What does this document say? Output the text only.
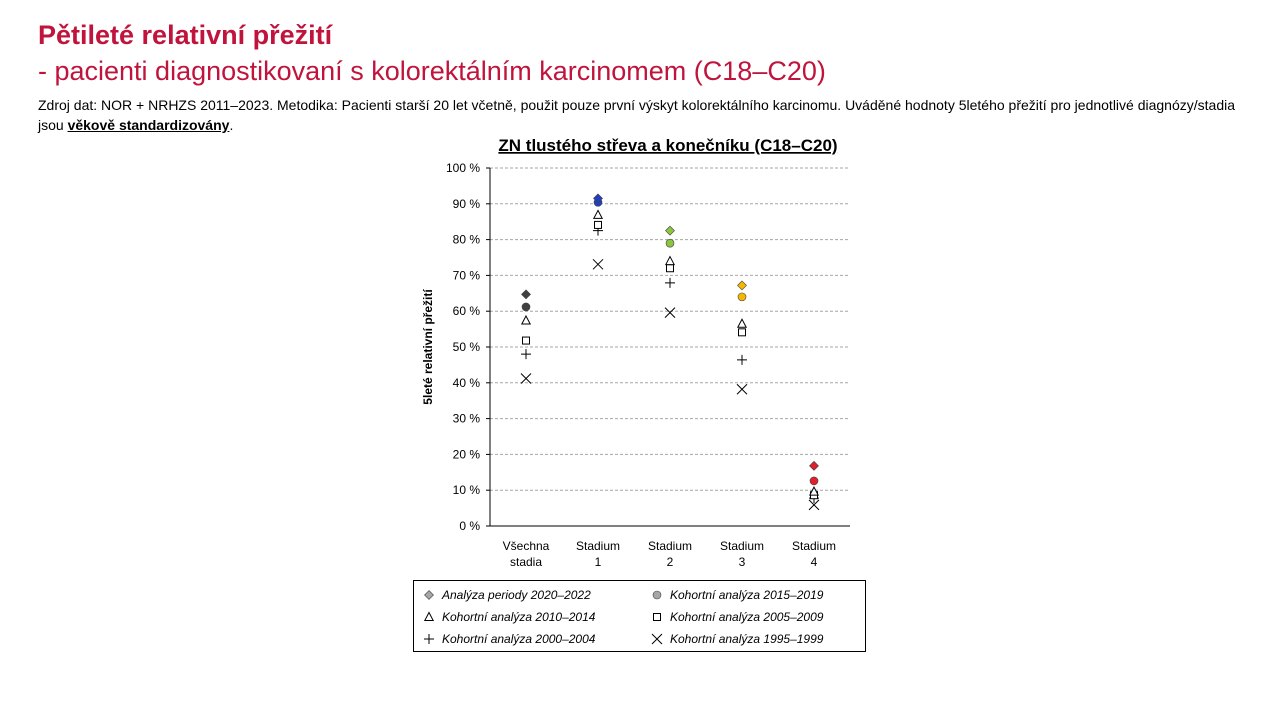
Pětileté relativní přežití
- pacienti diagnostikovaní s kolorektálním karcinomem (C18–C20)
Zdroj dat: NOR + NRHZS 2011–2023. Metodika: Pacienti starší 20 let včetně, použit pouze první výskyt kolorektálního karcinomu. Uváděné hodnoty 5letého přežití pro jednotlivé diagnózy/stadia jsou věkově standardizovány.
ZN tlustého střeva a konečníku (C18–C20)
5leté relativní přežití
0 %
10 %
20 %
30 %
40 %
50 %
60 %
70 %
80 %
90 %
100 %
Všechna stadia
Stadium 1
Stadium 2
Stadium 3
Stadium 4
Analýza periody 2020–2022	Kohortní analýza 2015–2019
Kohortní analýza 2010–2014	Kohortní analýza 2005–2009
Kohortní analýza 2000–2004	Kohortní analýza 1995–1999
